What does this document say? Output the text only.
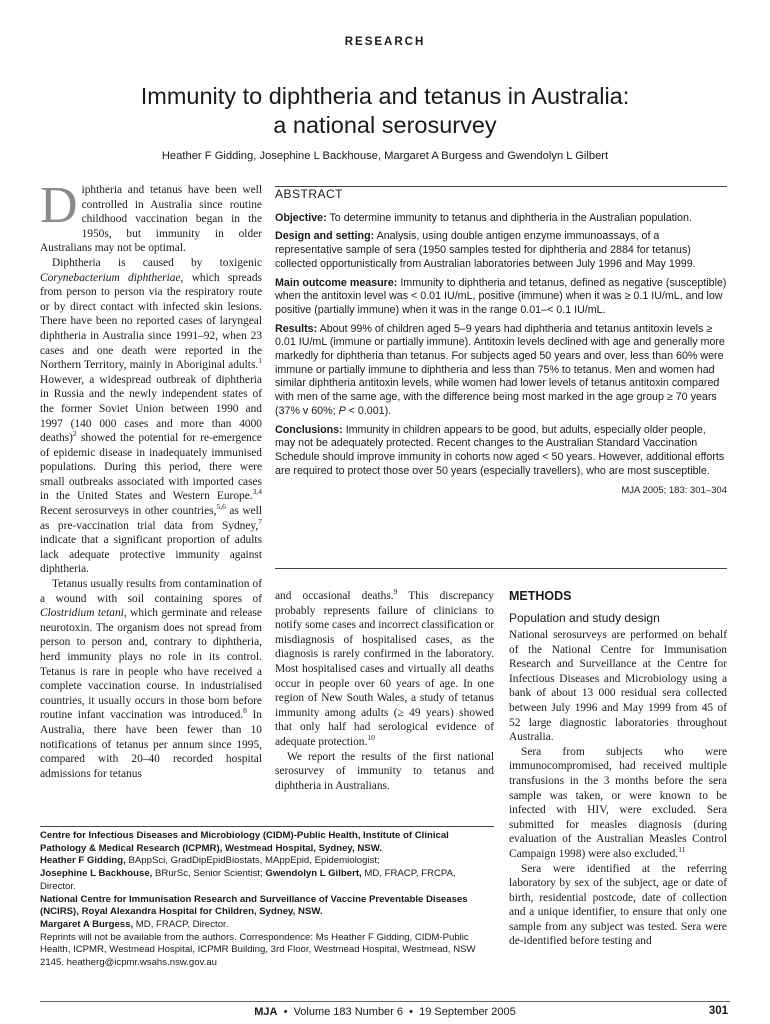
RESEARCH
Immunity to diphtheria and tetanus in Australia:
a national serosurvey
Heather F Gidding, Josephine L Backhouse, Margaret A Burgess and Gwendolyn L Gilbert

Diphtheria and tetanus have been well controlled in Australia since routine childhood vaccination began in the 1950s, but immunity in older Australians may not be optimal.

Diphtheria is caused by toxigenic Corynebacterium diphtheriae, which spreads from person to person via the respiratory route or by direct contact with infected skin lesions. There have been no reported cases of laryngeal diphtheria in Australia since 1991–92, when 23 cases and one death were reported in the Northern Territory, mainly in Aboriginal adults.$^1$ However, a widespread outbreak of diphtheria in Russia and the newly independent states of the former Soviet Union between 1990 and 1997 (140 000 cases and more than 4000 deaths)$^2$ showed the potential for re-emergence of epidemic disease in inadequately immunised populations. During this period, there were small outbreaks associated with imported cases in the United States and Western Europe.$^{3,4}$ Recent serosurveys in other countries,$^{5,6}$ as well as pre-vaccination trial data from Sydney,$^7$ indicate that a significant proportion of adults lack adequate protective immunity against diphtheria.

Tetanus usually results from contamination of a wound with soil containing spores of Clostridium tetani, which germinate and release neurotoxin. The organism does not spread from person to person and, contrary to diphtheria, herd immunity plays no role in its control. Tetanus is rare in people who have received a complete vaccination course. In industrialised countries, it usually occurs in those born before routine infant vaccination was introduced.$^8$ In Australia, there have been fewer than 10 notifications of tetanus per annum since 1995, compared with 20–40 recorded hospital admissions for tetanus

ABSTRACT

Objective: To determine immunity to tetanus and diphtheria in the Australian population.

Design and setting: Analysis, using double antigen enzyme immunoassays, of a representative sample of sera (1950 samples tested for diphtheria and 2884 for tetanus) collected opportunistically from Australian laboratories between July 1996 and May 1999.

Main outcome measure: Immunity to diphtheria and tetanus, defined as negative (susceptible) when the antitoxin level was < 0.01 IU/mL, positive (immune) when it was ≥ 0.1 IU/mL, and low positive (partially immune) when it was in the range 0.01–< 0.1 IU/mL.

Results: About 99% of children aged 5–9 years had diphtheria and tetanus antitoxin levels ≥ 0.01 IU/mL (immune or partially immune). Antitoxin levels declined with age and generally more markedly for diphtheria than tetanus. For subjects aged 50 years and over, less than 60% were immune or partially immune to diphtheria and less than 75% to tetanus. Men and women had similar diphtheria antitoxin levels, while women had lower levels of tetanus antitoxin compared with men of the same age, with the difference being most marked in the age group ≥ 70 years (37% v 60%; P < 0.001).

Conclusions: Immunity in children appears to be good, but adults, especially older people, may not be adequately protected. Recent changes to the Australian Standard Vaccination Schedule should improve immunity in cohorts now aged < 50 years. However, additional efforts are required to protect those over 50 years (especially travellers), who are most susceptible.

MJA 2005; 183: 301–304

and occasional deaths.$^9$ This discrepancy probably represents failure of clinicians to notify some cases and incorrect classification or misdiagnosis of hospitalised cases, as the diagnosis is rarely confirmed in the laboratory. Most hospitalised cases and virtually all deaths occur in people over 60 years of age. In one region of New South Wales, a study of tetanus immunity among adults (≥ 49 years) showed that only half had serological evidence of adequate protection.$^{10}$

We report the results of the first national serosurvey of immunity to tetanus and diphtheria in Australians.

METHODS
Population and study design

National serosurveys are performed on behalf of the National Centre for Immunisation Research and Surveillance at the Centre for Infectious Diseases and Microbiology using a bank of about 13 000 residual sera collected between July 1996 and May 1999 from 45 of 52 large diagnostic laboratories throughout Australia.

Sera from subjects who were immunocompromised, had received multiple transfusions in the 3 months before the sera sample was taken, or were known to be infected with HIV, were excluded. Sera submitted for measles diagnosis (during evaluation of the Australian Measles Control Campaign 1998) were also excluded.$^{11}$

Sera were identified at the referring laboratory by sex of the subject, age or date of birth, residential postcode, date of collection and a unique identifier, to ensure that only one sample from any subject was tested. Sera were de-identified before testing and

Centre for Infectious Diseases and Microbiology (CIDM)-Public Health, Institute of Clinical Pathology & Medical Research (ICPMR), Westmead Hospital, Sydney, NSW.

Heather F Gidding, BAppSci, GradDipEpidBiostats, MAppEpid, Epidemiologist;

Josephine L Backhouse, BRurSc, Senior Scientist; Gwendolyn L Gilbert, MD, FRACP, FRCPA, Director.

National Centre for Immunisation Research and Surveillance of Vaccine Preventable Diseases (NCIRS), Royal Alexandra Hospital for Children, Sydney, NSW.

Margaret A Burgess, MD, FRACP, Director.

Reprints will not be available from the authors. Correspondence: Ms Heather F Gidding, CIDM-Public Health, ICPMR, Westmead Hospital, ICPMR Building, 3rd Floor, Westmead Hospital, Westmead, NSW 2145. heatherg@icpmr.wsahs.nsw.gov.au

MJA • Volume 183 Number 6 • 19 September 2005	301
